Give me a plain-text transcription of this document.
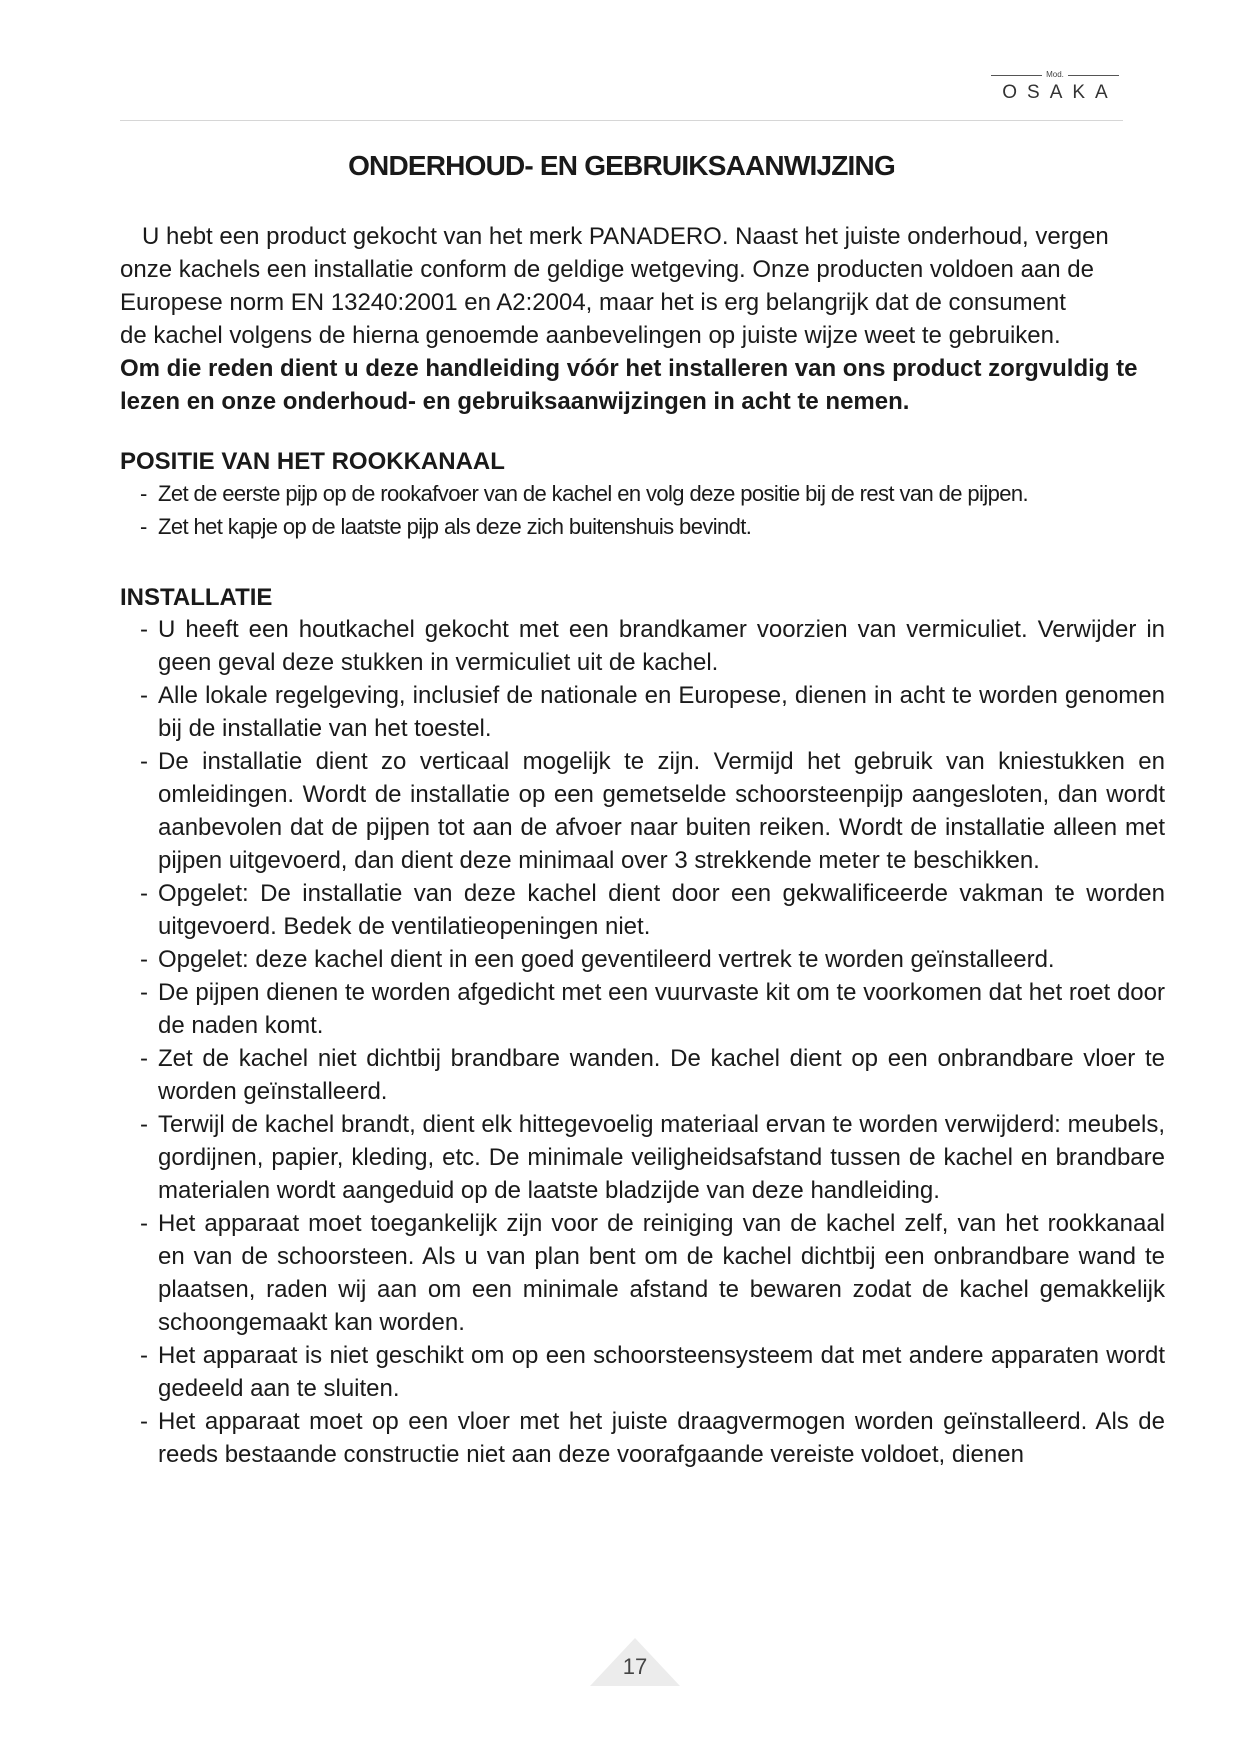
Mod.
OSAKA
ONDERHOUD- EN GEBRUIKSAANWIJZING
U hebt een product gekocht van het merk PANADERO. Naast het juiste onderhoud, vergen
onze kachels een installatie conform de geldige wetgeving. Onze producten voldoen aan de
Europese norm EN 13240:2001 en A2:2004, maar het is erg belangrijk dat de consument
de kachel volgens de hierna genoemde aanbevelingen op juiste wijze weet te gebruiken.
Om die reden dient u deze handleiding vóór het installeren van ons product zorgvuldig te
lezen en onze onderhoud- en gebruiksaanwijzingen in acht te nemen.
POSITIE VAN HET ROOKKANAAL
- Zet de eerste pijp op de rookafvoer van de kachel en volg deze positie bij de rest van de pijpen.
- Zet het kapje op de laatste pijp als deze zich buitenshuis bevindt.
INSTALLATIE
- U heeft een houtkachel gekocht met een brandkamer voorzien van vermiculiet. Verwijder in geen geval deze stukken in vermiculiet uit de kachel.
- Alle lokale regelgeving, inclusief de nationale en Europese, dienen in acht te worden genomen bij de installatie van het toestel.
- De installatie dient zo verticaal mogelijk te zijn. Vermijd het gebruik van kniestukken en omleidingen. Wordt de installatie op een gemetselde schoorsteenpijp aangesloten, dan wordt aanbevolen dat de pijpen tot aan de afvoer naar buiten reiken. Wordt de installatie alleen met pijpen uitgevoerd, dan dient deze minimaal over 3 strekkende meter te beschikken.
- Opgelet: De installatie van deze kachel dient door een gekwalificeerde vakman te worden uitgevoerd. Bedek de ventilatieopeningen niet.
- Opgelet: deze kachel dient in een goed geventileerd vertrek te worden geïnstalleerd.
- De pijpen dienen te worden afgedicht met een vuurvaste kit om te voorkomen dat het roet door de naden komt.
- Zet de kachel niet dichtbij brandbare wanden. De kachel dient op een onbrandbare vloer te worden geïnstalleerd.
- Terwijl de kachel brandt, dient elk hittegevoelig materiaal ervan te worden verwijderd: meubels, gordijnen, papier, kleding, etc. De minimale veiligheidsafstand tussen de kachel en brandbare materialen wordt aangeduid op de laatste bladzijde van deze handleiding.
- Het apparaat moet toegankelijk zijn voor de reiniging van de kachel zelf, van het rookkanaal en van de schoorsteen. Als u van plan bent om de kachel dichtbij een onbrandbare wand te plaatsen, raden wij aan om een minimale afstand te bewaren zodat de kachel gemakkelijk schoongemaakt kan worden.
- Het apparaat is niet geschikt om op een schoorsteensysteem dat met andere apparaten wordt gedeeld aan te sluiten.
- Het apparaat moet op een vloer met het juiste draagvermogen worden geïnstalleerd. Als de reeds bestaande constructie niet aan deze voorafgaande vereiste voldoet, dienen
17
